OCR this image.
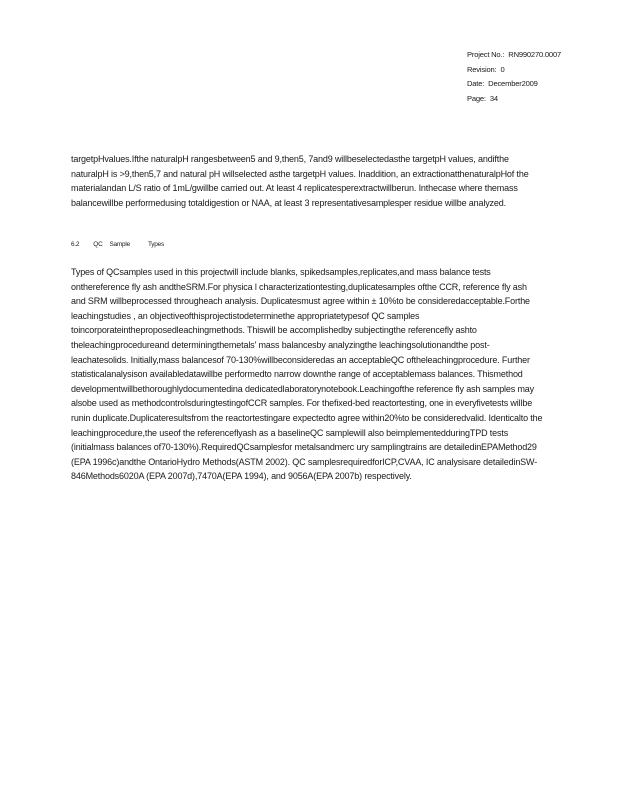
Project No.: RN990270.0007
Revision: 0
Date: December2009
Page: 34

targetpHvalues.Ifthe naturalpH rangesbetween5 and 9,then5, 7and9 willbeselectedasthe targetpH values, andifthe naturalpH is >9,then5,7 and natural pH willselected asthe targetpH values. Inaddition, an extractionatthenaturalpHof the materialandan L/S ratio of 1mL/gwillbe carried out. At least 4 replicatesperextractwillberun. Inthecase where themass balancewillbe performedusing totaldigestion or NAA, at least 3 representativesamplesper residue willbe analyzed.

6.2 QC Sample	Types

Types of QCsamples used in this projectwill include blanks, spikedsamples,replicates,and mass balance tests onthereference fly ash andtheSRM.For physica l characterizationtesting,duplicatesamples ofthe CCR, reference fly ash and SRM willbeprocessed througheach analysis. Duplicatesmust agree within ± 10%to be consideredacceptable.Forthe leachingstudies , an objectiveofthisprojectistodeterminethe appropriatetypesof QC samples toincorporateintheproposedleachingmethods. Thiswill be accomplishedby subjectingthe referencefly ashto theleachingprocedureand determiningthemetals' mass balancesby analyzingthe leachingsolutionandthe post-leachatesolids. Initially,mass balancesof 70-130%willbeconsideredas an acceptableQC oftheleachingprocedure. Further statisticalanalysison availabledatawillbe performedto narrow downthe range of acceptablemass balances. Thismethod developmentwillbethoroughlydocumentedina dedicatedlaboratorynotebook.Leachingofthe reference fly ash samples may alsobe used as methodcontrolsduringtestingofCCR samples. For thefixed-bed reactortesting, one in everyfivetests willbe runin duplicate.Duplicateresultsfrom the reactortestingare expectedto agree within20%to be consideredvalid. Identicalto the leachingprocedure,the useof the referenceflyash as a baselineQC samplewill also beimplementedduringTPD tests (initialmass balances of70-130%).RequiredQCsamplesfor metalsandmerc ury samplingtrains are detailedinEPAMethod29 (EPA 1996c)andthe OntarioHydro Methods(ASTM 2002). QC samplesrequiredforICP,CVAA, IC analysisare detailedinSW-846Methods6020A (EPA 2007d),7470A(EPA 1994), and 9056A(EPA 2007b) respectively.
